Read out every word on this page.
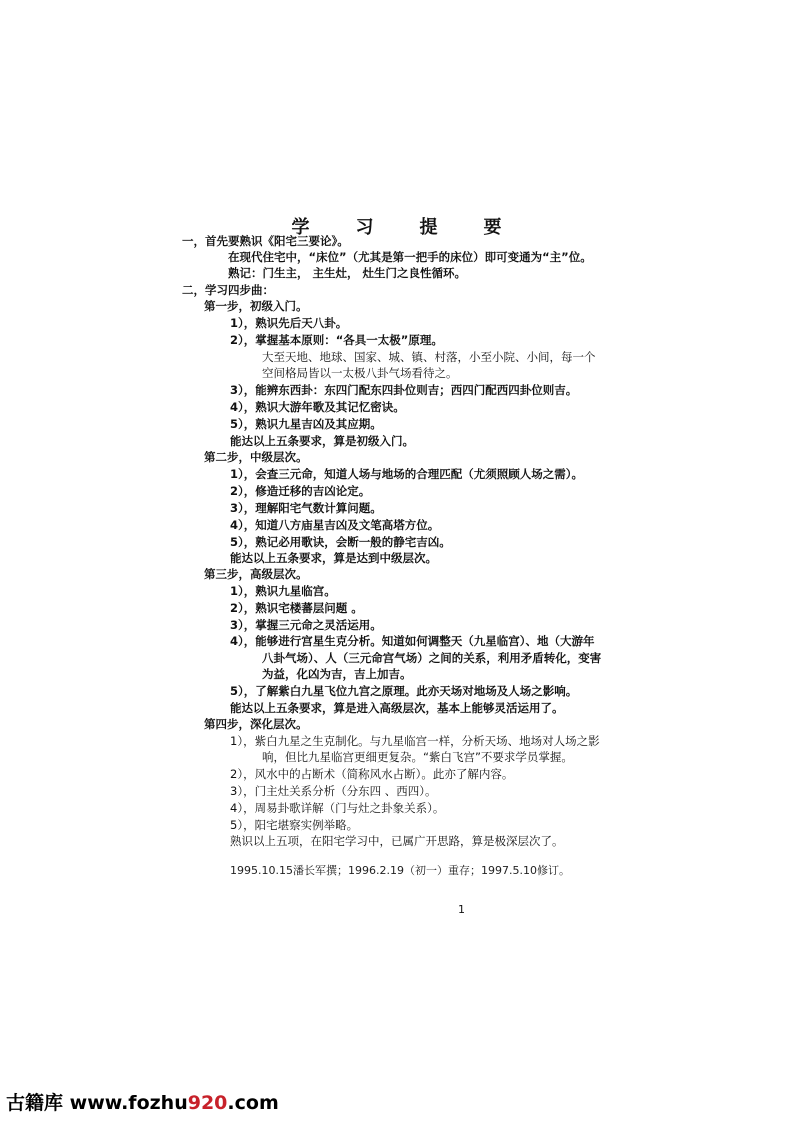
学习提要
一，首先要熟识《阳宅三要论》。
在现代住宅中，“床位”（尤其是第一把手的床位）即可变通为“主”位。
熟记：门生主， 主生灶， 灶生门之良性循环。
二，学习四步曲：
第一步，初级入门。
1），熟识先后天八卦。
2），掌握基本原则：“各具一太极”原理。
大至天地、地球、国家、城、镇、村落，小至小院、小间，每一个
空间格局皆以一太极八卦气场看待之。
3），能辨东西卦：东四门配东四卦位则吉；西四门配西四卦位则吉。
4），熟识大游年歌及其记忆密诀。
5），熟识九星吉凶及其应期。
能达以上五条要求，算是初级入门。
第二步，中级层次。
1），会查三元命，知道人场与地场的合理匹配（尤须照顾人场之需）。
2），修造迁移的吉凶论定。
3），理解阳宅气数计算问题。
4），知道八方庙星吉凶及文笔高塔方位。
5），熟记必用歌诀，会断一般的静宅吉凶。
能达以上五条要求，算是达到中级层次。
第三步，高级层次。
1），熟识九星临宫。
2），熟识宅楼蕃层问题 。
3），掌握三元命之灵活运用。
4），能够进行宫星生克分析。知道如何调整天（九星临宫）、地（大游年
八卦气场）、人（三元命宫气场）之间的关系，利用矛盾转化，变害
为益，化凶为吉，吉上加吉。
5），了解紫白九星飞位九宫之原理。此亦天场对地场及人场之影响。
能达以上五条要求，算是进入高级层次，基本上能够灵活运用了。
第四步，深化层次。
1），紫白九星之生克制化。与九星临宫一样，分析天场、地场对人场之影
响，但比九星临宫更细更复杂。“紫白飞宫”不要求学员掌握。
2），风水中的占断术（简称风水占断）。此亦了解内容。
3），门主灶关系分析（分东四 、西四）。
4），周易卦歌详解（门与灶之卦象关系）。
5），阳宅堪察实例举略。
熟识以上五项，在阳宅学习中，已属广开思路，算是极深层次了。
1995.10.15潘长军撰；1996.2.19（初一）重存；1997.5.10修订。
1
古籍库 www.fozhu920.com
